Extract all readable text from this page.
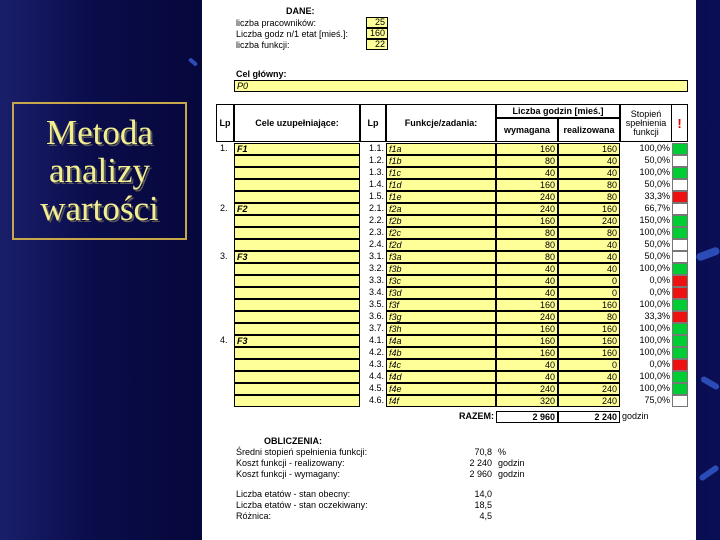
Metoda
analizy
wartości
DANE:
liczba pracowników:	25
Liczba godz n/1 etat [mieś.]:	160
liczba funkcji:	22
Cel główny:
P0
Lp	Cele uzupełniające:	Lp	Funkcje/zadania:
Liczba godzin [mieś.]
wymagana	realizowana
Stopień spełnienia funkcji
!
1.	F1	1.1. f1a	160	160	100,0%
1.2. f1b	80	40	50,0%
1.3. f1c	40	40	100,0%
1.4. f1d	160	80	50,0%
1.5. f1e	240	80	33,3%
2.	F2	2.1. f2a	240	160	66,7%
2.2. f2b	160	240	150,0%
2.3. f2c	80	80	100,0%
2.4. f2d	80	40	50,0%
3.	F3	3.1. f3a	80	40	50,0%
3.2. f3b	40	40	100,0%
3.3. f3c	40	0	0,0%
3.4. f3d	40	0	0,0%
3.5. f3f	160	160	100,0%
3.6. f3g	240	80	33,3%
3.7. f3h	160	160	100,0%
4.	F3	4.1. f4a	160	160	100,0%
4.2. f4b	160	160	100,0%
4.3. f4c	40	0	0,0%
4.4. f4d	40	40	100,0%
4.5. f4e	240	240	100,0%
4.6. f4f	320	240	75,0%
RAZEM:	2 960	2 240 godzin
OBLICZENIA:
Średni stopień spełnienia funkcji:	70,8 %
Koszt funkcji - realizowany:	2 240 godzin
Koszt funkcji - wymagany:	2 960 godzin
Liczba etatów - stan obecny:	14,0
Liczba etatów - stan oczekiwany:	18,5
Różnica:	4,5
